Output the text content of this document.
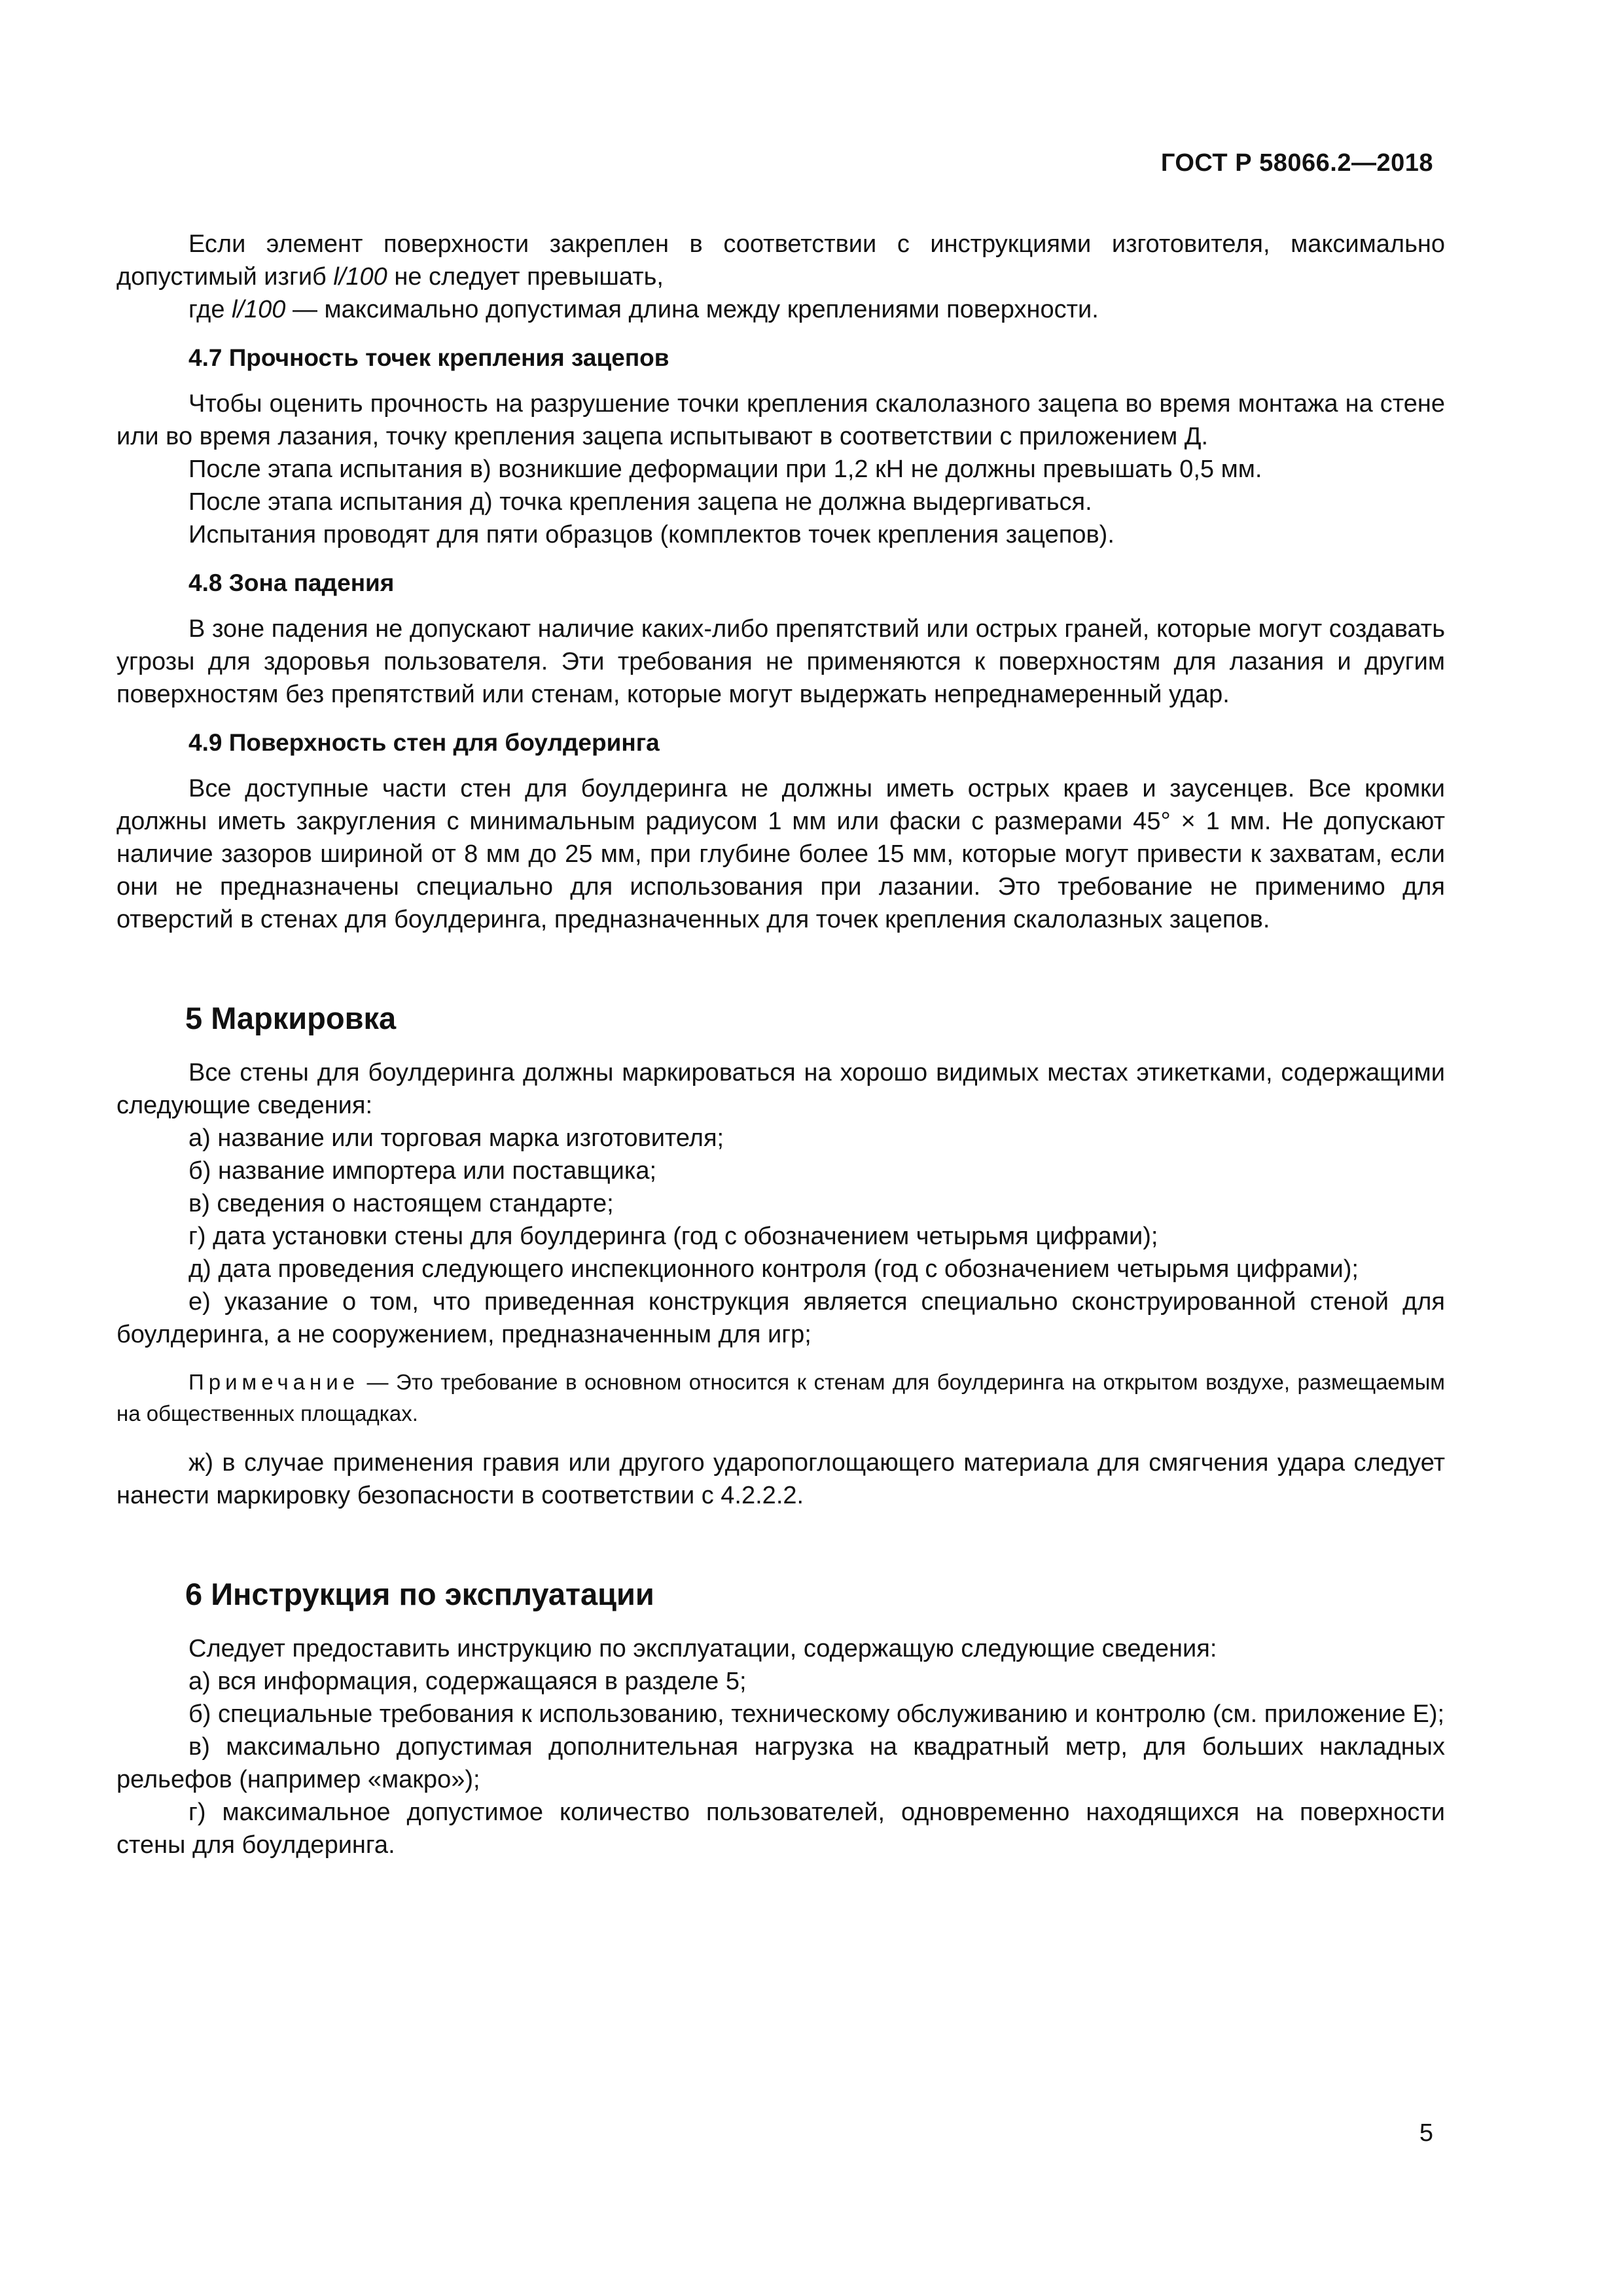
ГОСТ Р 58066.2—2018

Если элемент поверхности закреплен в соответствии с инструкциями изготовителя, максимально допустимый изгиб l/100 не следует превышать,

где l/100 — максимально допустимая длина между креплениями поверхности.

4.7 Прочность точек крепления зацепов

Чтобы оценить прочность на разрушение точки крепления скалолазного зацепа во время монтажа на стене или во время лазания, точку крепления зацепа испытывают в соответствии с приложением Д.

После этапа испытания в) возникшие деформации при 1,2 кН не должны превышать 0,5 мм.

После этапа испытания д) точка крепления зацепа не должна выдергиваться.

Испытания проводят для пяти образцов (комплектов точек крепления зацепов).

4.8 Зона падения

В зоне падения не допускают наличие каких-либо препятствий или острых граней, которые могут создавать угрозы для здоровья пользователя. Эти требования не применяются к поверхностям для лазания и другим поверхностям без препятствий или стенам, которые могут выдержать непреднамеренный удар.

4.9 Поверхность стен для боулдеринга

Все доступные части стен для боулдеринга не должны иметь острых краев и заусенцев. Все кромки должны иметь закругления с минимальным радиусом 1 мм или фаски с размерами 45° × 1 мм. Не допускают наличие зазоров шириной от 8 мм до 25 мм, при глубине более 15 мм, которые могут привести к захватам, если они не предназначены специально для использования при лазании. Это требование не применимо для отверстий в стенах для боулдеринга, предназначенных для точек крепления скалолазных зацепов.

5 Маркировка

Все стены для боулдеринга должны маркироваться на хорошо видимых местах этикетками, содержащими следующие сведения:

а) название или торговая марка изготовителя;

б) название импортера или поставщика;

в) сведения о настоящем стандарте;

г) дата установки стены для боулдеринга (год с обозначением четырьмя цифрами);

д) дата проведения следующего инспекционного контроля (год с обозначением четырьмя цифрами);

е) указание о том, что приведенная конструкция является специально сконструированной стеной для боулдеринга, а не сооружением, предназначенным для игр;

Примечание — Это требование в основном относится к стенам для боулдеринга на открытом воздухе, размещаемым на общественных площадках.

ж) в случае применения гравия или другого ударопоглощающего материала для смягчения удара следует нанести маркировку безопасности в соответствии с 4.2.2.2.

6 Инструкция по эксплуатации

Следует предоставить инструкцию по эксплуатации, содержащую следующие сведения:

а) вся информация, содержащаяся в разделе 5;

б) специальные требования к использованию, техническому обслуживанию и контролю (см. приложение Е);

в) максимально допустимая дополнительная нагрузка на квадратный метр, для больших накладных рельефов (например «макро»);

г) максимальное допустимое количество пользователей, одновременно находящихся на поверхности стены для боулдеринга.

5
